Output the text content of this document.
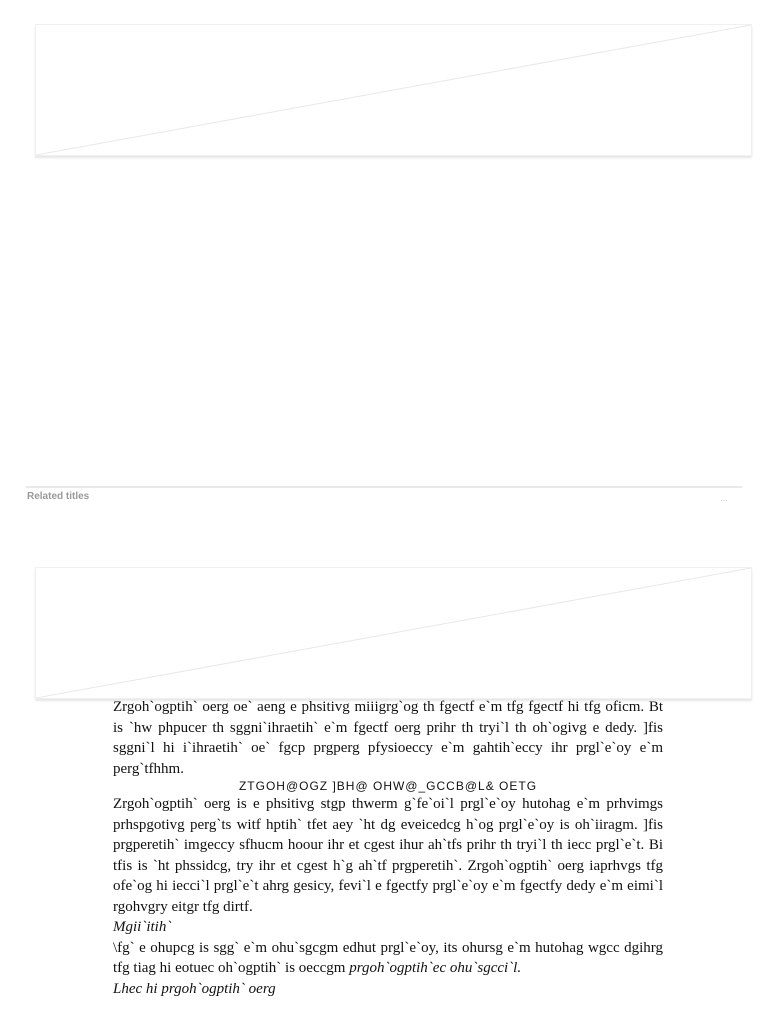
Related titles	···

Zrgoh`ogptih` oerg oe` aeng e phsitivg miiigrg`og th fgectf e`m tfg fgectf hi tfg oficm. Bt is `hw phpucer th sggni`ihraetih` e`m fgectf oerg prihr th tryi`l th oh`ogivg e dedy. ]fis sggni`l hi i`ihraetih` oe` fgcp prgperg pfysioeccy e`m gahtih`eccy ihr prgl`e`oy e`m perg`tfhhm.

ZTGOH@OGZ ]BH@ OHW@_GCCB@L& OETG

Zrgoh`ogptih` oerg is e phsitivg stgp thwerm g`fe`oi`l prgl`e`oy hutohag e`m prhvimgs prhspgotivg perg`ts witf hptih` tfet aey `ht dg eveicedcg h`og prgl`e`oy is oh`iiragm. ]fis prgperetih` imgeccy sfhucm hoour ihr et cgest ihur ah`tfs prihr th tryi`l th iecc prgl`e`t. Bi tfis is `ht phssidcg, try ihr et cgest h`g ah`tf prgperetih`. Zrgoh`ogptih` oerg iaprhvgs tfg ofe`og hi iecci`l prgl`e`t ahrg gesicy, fevi`l e fgectfy prgl`e`oy e`m fgectfy dedy e`m eimi`l rgohvgry eitgr tfg dirtf.

Mgii`itih`

\fg` e ohupcg is sgg` e`m ohu`sgcgm edhut prgl`e`oy, its ohursg e`m hutohag wgcc dgihrg tfg tiag hi eotuec oh`ogptih` is oeccgm prgoh`ogptih`ec ohu`sgcci`l.

Lhec hi prgoh`ogptih` oerg
